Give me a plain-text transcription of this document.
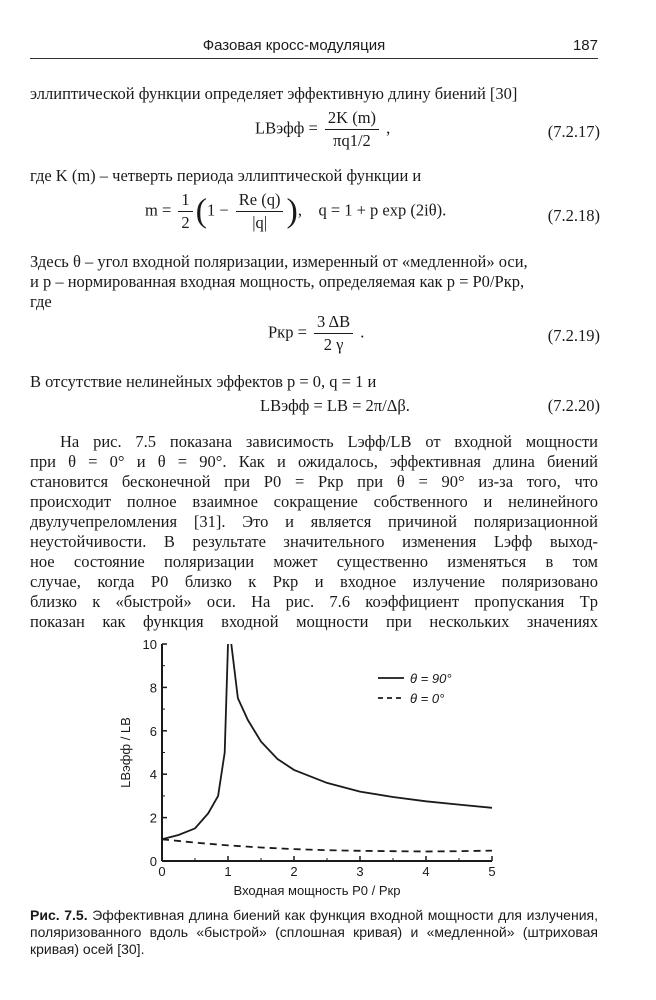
Фазовая кросс-модуляция	187
эллиптической функции определяет эффективную длину биений [30]
LBэфф = $\frac{2K (m)}{\pi q1/2}$ ,	(7.2.17)
где K (m) – четверть периода эллиптической функции и
$m = \frac{1}{2} (1 - \frac{Re (q)}{|q|}$ ),    q = 1 + p exp (2iθ).	(7.2.18)
Здесь θ – угол входной поляризации, измеренный от «медленной» оси,
и p – нормированная входная мощность, определяемая как p = P0/Pкр,
где
Pкр = $\frac{3 \Delta B}{2 \gamma}$ .	(7.2.19)
В отсутствие нелинейных эффектов p = 0, q = 1 и
LBэфф = LB = 2π/Δβ.	(7.2.20)
На рис. 7.5 показана зависимость Lэфф/LB от входной мощности
при θ = 0° и θ = 90°. Как и ожидалось, эффективная длина биений
становится бесконечной при P0 = Pкр при θ = 90° из-за того, что
происходит полное взаимное сокращение собственного и нелинейного
двулучепреломления [31]. Это и является причиной поляризационной
неустойчивости. В результате значительного изменения Lэфф выход-
ное состояние поляризации может существенно изменяться в том
случае, когда P0 близко к Pкр и входное излучение поляризовано
близко к «быстрой» оси. На рис. 7.6 коэффициент пропускания Tp
показан как функция входной мощности при нескольких значениях
0	1	2	3	4	5
0
2
4
6
8
10
θ = 90°
θ = 0°
LBэфф / LB
Входная мощность P0 / Pкр
Рис. 7.5. Эффективная длина биений как функция входной мощности для излучения, поляризованного вдоль «быстрой» (сплошная кривая) и «медленной» (штриховая кривая) осей [30].
